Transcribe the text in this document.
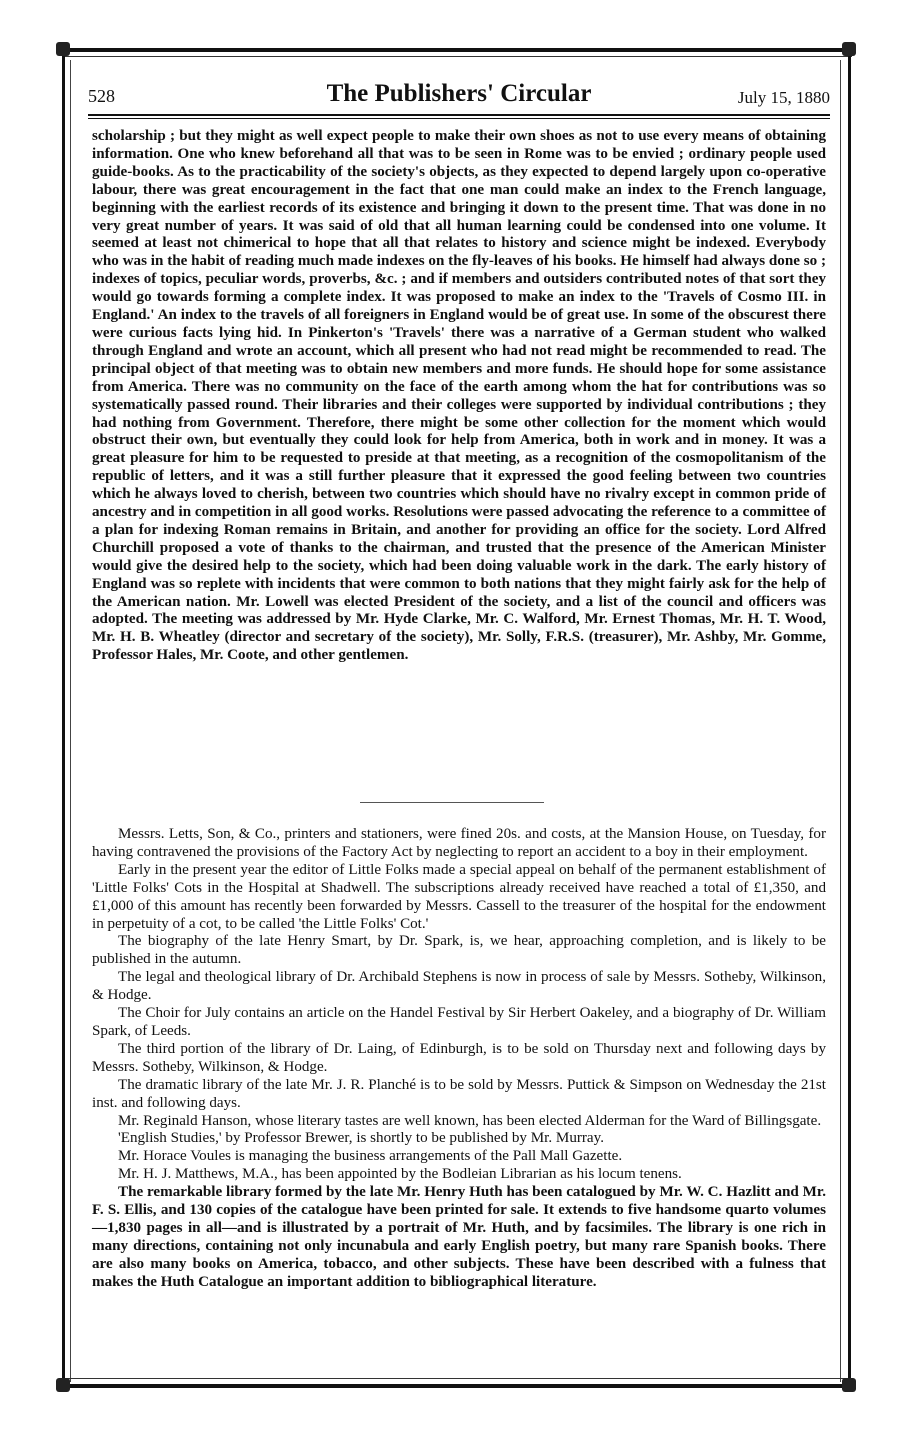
528	The Publishers' Circular	July 15, 1880
scholarship ; but they might as well expect people to make their own shoes as not to use every means of obtaining information. One who knew beforehand all that was to be seen in Rome was to be envied ; ordinary people used guide-books. As to the practicability of the society's objects, as they expected to depend largely upon co-operative labour, there was great encouragement in the fact that one man could make an index to the French language, beginning with the earliest records of its existence and bringing it down to the present time. That was done in no very great number of years. It was said of old that all human learning could be condensed into one volume. It seemed at least not chimerical to hope that all that relates to history and science might be indexed. Everybody who was in the habit of reading much made indexes on the fly-leaves of his books. He himself had always done so ; indexes of topics, peculiar words, proverbs, &c. ; and if members and outsiders contributed notes of that sort they would go towards forming a complete index. It was proposed to make an index to the 'Travels of Cosmo III. in England.' An index to the travels of all foreigners in England would be of great use. In some of the obscurest there were curious facts lying hid. In Pinkerton's 'Travels' there was a narrative of a German student who walked through England and wrote an account, which all present who had not read might be recommended to read. The principal object of that meeting was to obtain new members and more funds. He should hope for some assistance from America. There was no community on the face of the earth among whom the hat for contributions was so systematically passed round. Their libraries and their colleges were supported by individual contributions ; they had nothing from Government. Therefore, there might be some other collection for the moment which would obstruct their own, but eventually they could look for help from America, both in work and in money. It was a great pleasure for him to be requested to preside at that meeting, as a recognition of the cosmopolitanism of the republic of letters, and it was a still further pleasure that it expressed the good feeling between two countries which he always loved to cherish, between two countries which should have no rivalry except in common pride of ancestry and in competition in all good works. Resolutions were passed advocating the reference to a committee of a plan for indexing Roman remains in Britain, and another for providing an office for the society. Lord Alfred Churchill proposed a vote of thanks to the chairman, and trusted that the presence of the American Minister would give the desired help to the society, which had been doing valuable work in the dark. The early history of England was so replete with incidents that were common to both nations that they might fairly ask for the help of the American nation. Mr. Lowell was elected President of the society, and a list of the council and officers was adopted. The meeting was addressed by Mr. Hyde Clarke, Mr. C. Walford, Mr. Ernest Thomas, Mr. H. T. Wood, Mr. H. B. Wheatley (director and secretary of the society), Mr. Solly, F.R.S. (treasurer), Mr. Ashby, Mr. Gomme, Professor Hales, Mr. Coote, and other gentlemen.

Messrs. Letts, Son, & Co., printers and stationers, were fined 20s. and costs, at the Mansion House, on Tuesday, for having contravened the provisions of the Factory Act by neglecting to report an accident to a boy in their employment.

Early in the present year the editor of Little Folks made a special appeal on behalf of the permanent establishment of 'Little Folks' Cots in the Hospital at Shadwell. The subscriptions already received have reached a total of £1,350, and £1,000 of this amount has recently been forwarded by Messrs. Cassell to the treasurer of the hospital for the endowment in perpetuity of a cot, to be called 'the Little Folks' Cot.'

The biography of the late Henry Smart, by Dr. Spark, is, we hear, approaching completion, and is likely to be published in the autumn.

The legal and theological library of Dr. Archibald Stephens is now in process of sale by Messrs. Sotheby, Wilkinson, & Hodge.

The Choir for July contains an article on the Handel Festival by Sir Herbert Oakeley, and a biography of Dr. William Spark, of Leeds.

The third portion of the library of Dr. Laing, of Edinburgh, is to be sold on Thursday next and following days by Messrs. Sotheby, Wilkinson, & Hodge.

The dramatic library of the late Mr. J. R. Planché is to be sold by Messrs. Puttick & Simpson on Wednesday the 21st inst. and following days.

Mr. Reginald Hanson, whose literary tastes are well known, has been elected Alderman for the Ward of Billingsgate.

'English Studies,' by Professor Brewer, is shortly to be published by Mr. Murray.

Mr. Horace Voules is managing the business arrangements of the Pall Mall Gazette.

Mr. H. J. Matthews, M.A., has been appointed by the Bodleian Librarian as his locum tenens.

The remarkable library formed by the late Mr. Henry Huth has been catalogued by Mr. W. C. Hazlitt and Mr. F. S. Ellis, and 130 copies of the catalogue have been printed for sale. It extends to five handsome quarto volumes—1,830 pages in all—and is illustrated by a portrait of Mr. Huth, and by facsimiles. The library is one rich in many directions, containing not only incunabula and early English poetry, but many rare Spanish books. There are also many books on America, tobacco, and other subjects. These have been described with a fulness that makes the Huth Catalogue an important addition to bibliographical literature.
